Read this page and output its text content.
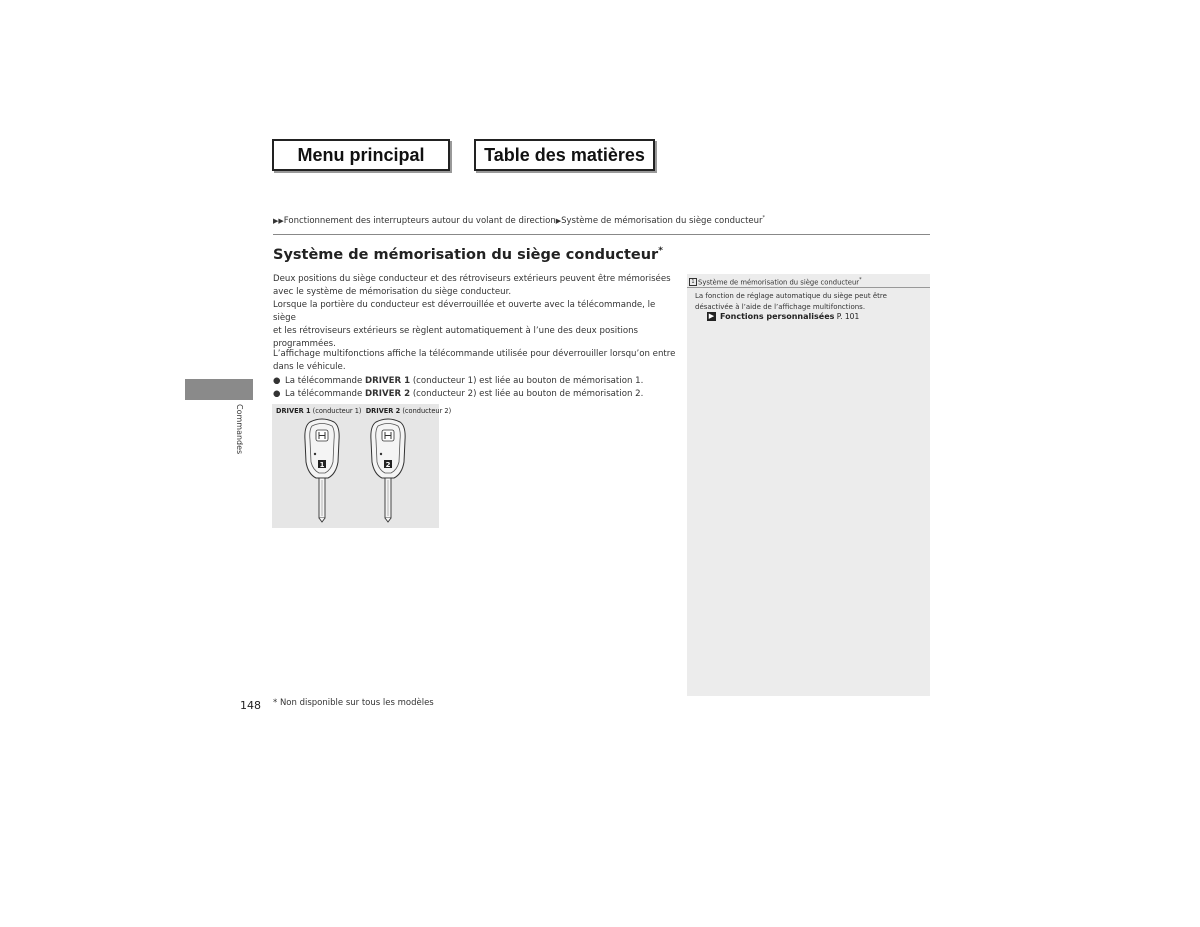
Menu principal	Table des matières
▶▶Fonctionnement des interrupteurs autour du volant de direction▶Système de mémorisation du siège conducteur*
Système de mémorisation du siège conducteur*
Deux positions du siège conducteur et des rétroviseurs extérieurs peuvent être mémorisées
avec le système de mémorisation du siège conducteur.
Lorsque la portière du conducteur est déverrouillée et ouverte avec la télécommande, le siège
et les rétroviseurs extérieurs se règlent automatiquement à l’une des deux positions
programmées.
L’affichage multifonctions affiche la télécommande utilisée pour déverrouiller lorsqu’on entre
dans le véhicule.
● La télécommande DRIVER 1 (conducteur 1) est liée au bouton de mémorisation 1.
● La télécommande DRIVER 2 (conducteur 2) est liée au bouton de mémorisation 2.
DRIVER 1 (conducteur 1) DRIVER 2 (conducteur 2)
1	2
Commandes
1 Système de mémorisation du siège conducteur*
La fonction de réglage automatique du siège peut être
désactivée à l’aide de l’affichage multifonctions.
▶ Fonctions personnalisées P. 101
148 * Non disponible sur tous les modèles
